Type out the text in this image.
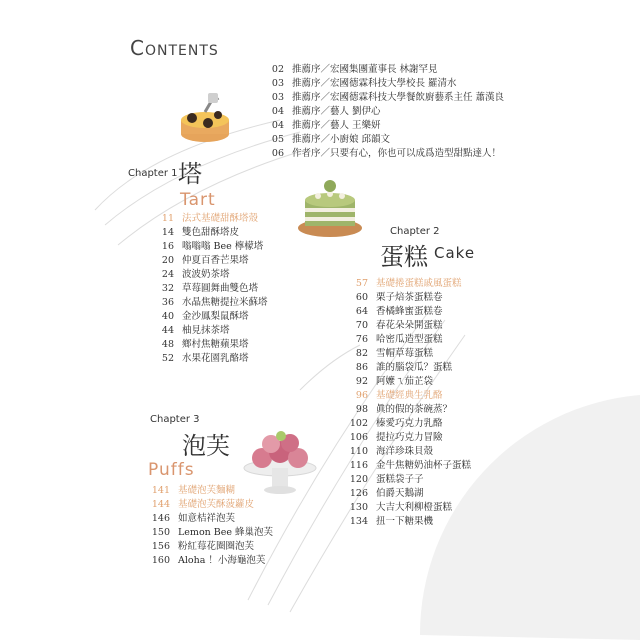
Contents
02 推薦序／宏國集團董事長 林謝罕見
03 推薦序／宏國德霖科技大學校長 羅清水
03 推薦序／宏國德霖科技大學餐飲廚藝系主任 蕭漢良
04 推薦序／藝人 劉伊心
04 推薦序／藝人 王樂妍
05 推薦序／小廚娘 邱韻文
06 作者序／只要有心，你也可以成爲造型甜點達人！
Chapter 1 塔
Tart
11 法式基礎甜酥塔殼
14 雙色甜酥塔皮
16 嗡嗡嗡 Bee 檸檬塔
20 仲夏百香芒果塔
24 波波奶茶塔
32 草莓圓舞曲雙色塔
36 水晶焦糖提拉米蘇塔
40 金沙鳳梨鼠酥塔
44 柚見抹茶塔
48 鄉村焦糖蘋果塔
52 水果花園乳酪塔
Chapter 2
蛋糕 Cake
57 基礎捲蛋糕戚風蛋糕
60 栗子焙茶蛋糕卷
64 香橘蜂蜜蛋糕卷
70 春花朵朵開蛋糕
76 哈密瓜造型蛋糕
82 雪帽草莓蛋糕
86 誰的腦袋瓜？蛋糕
92 阿嬤ㄟ茄芷袋
96 基礎經典生乳酪
98 眞的假的茶碗蒸？
102 榛愛巧克力乳酪
106 提拉巧克力冒險
110 海洋珍珠貝殼
116 金牛焦糖奶油杯子蛋糕
120 蛋糕袋子子
126 伯爵天鵝湖
130 大吉大利柳橙蛋糕
134 扭一下糖果機
Chapter 3
泡芙
Puffs
141 基礎泡芙麵糊
144 基礎泡芙酥菠蘿皮
146 如意桔祥泡芙
150 Lemon Bee 蜂巢泡芙
156 粉紅莓花圈圈泡芙
160 Aloha ！小海龜泡芙
